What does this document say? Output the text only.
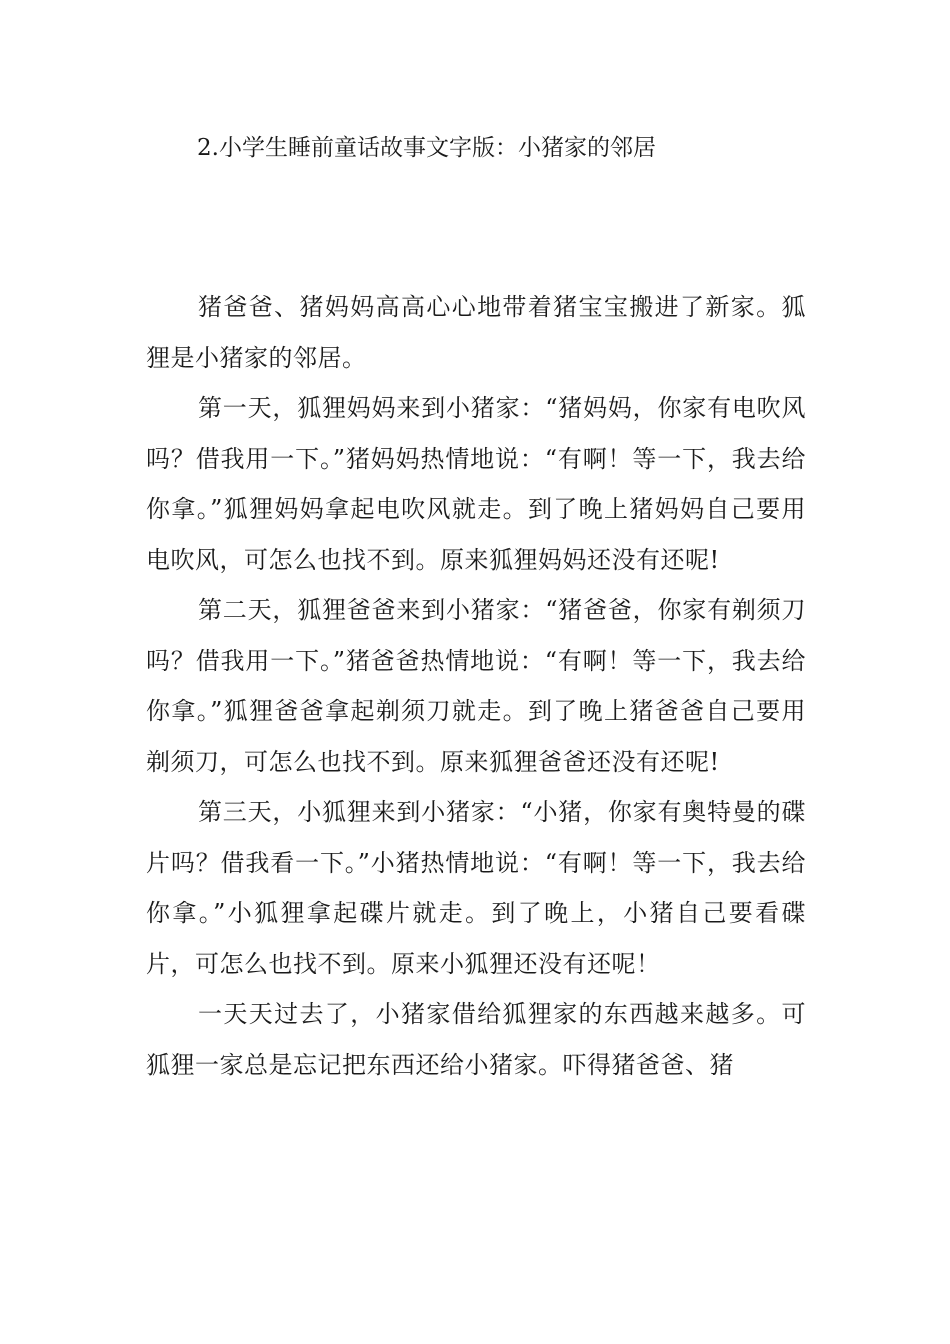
2.小学生睡前童话故事文字版：小猪家的邻居

猪爸爸、猪妈妈高高心心地带着猪宝宝搬进了新家。狐狸是小猪家的邻居。

第一天，狐狸妈妈来到小猪家：“猪妈妈，你家有电吹风吗？借我用一下。”猪妈妈热情地说：“有啊！等一下，我去给你拿。”狐狸妈妈拿起电吹风就走。到了晚上猪妈妈自己要用电吹风，可怎么也找不到。原来狐狸妈妈还没有还呢!

第二天，狐狸爸爸来到小猪家：“猪爸爸，你家有剃须刀吗？借我用一下。”猪爸爸热情地说：“有啊！等一下，我去给你拿。”狐狸爸爸拿起剃须刀就走。到了晚上猪爸爸自己要用剃须刀，可怎么也找不到。原来狐狸爸爸还没有还呢!

第三天，小狐狸来到小猪家：“小猪，你家有奥特曼的碟片吗？借我看一下。”小猪热情地说：“有啊！等一下，我去给你拿。”小狐狸拿起碟片就走。到了晚上，小猪自己要看碟片，可怎么也找不到。原来小狐狸还没有还呢！

一天天过去了，小猪家借给狐狸家的东西越来越多。可狐狸一家总是忘记把东西还给小猪家。吓得猪爸爸、猪
